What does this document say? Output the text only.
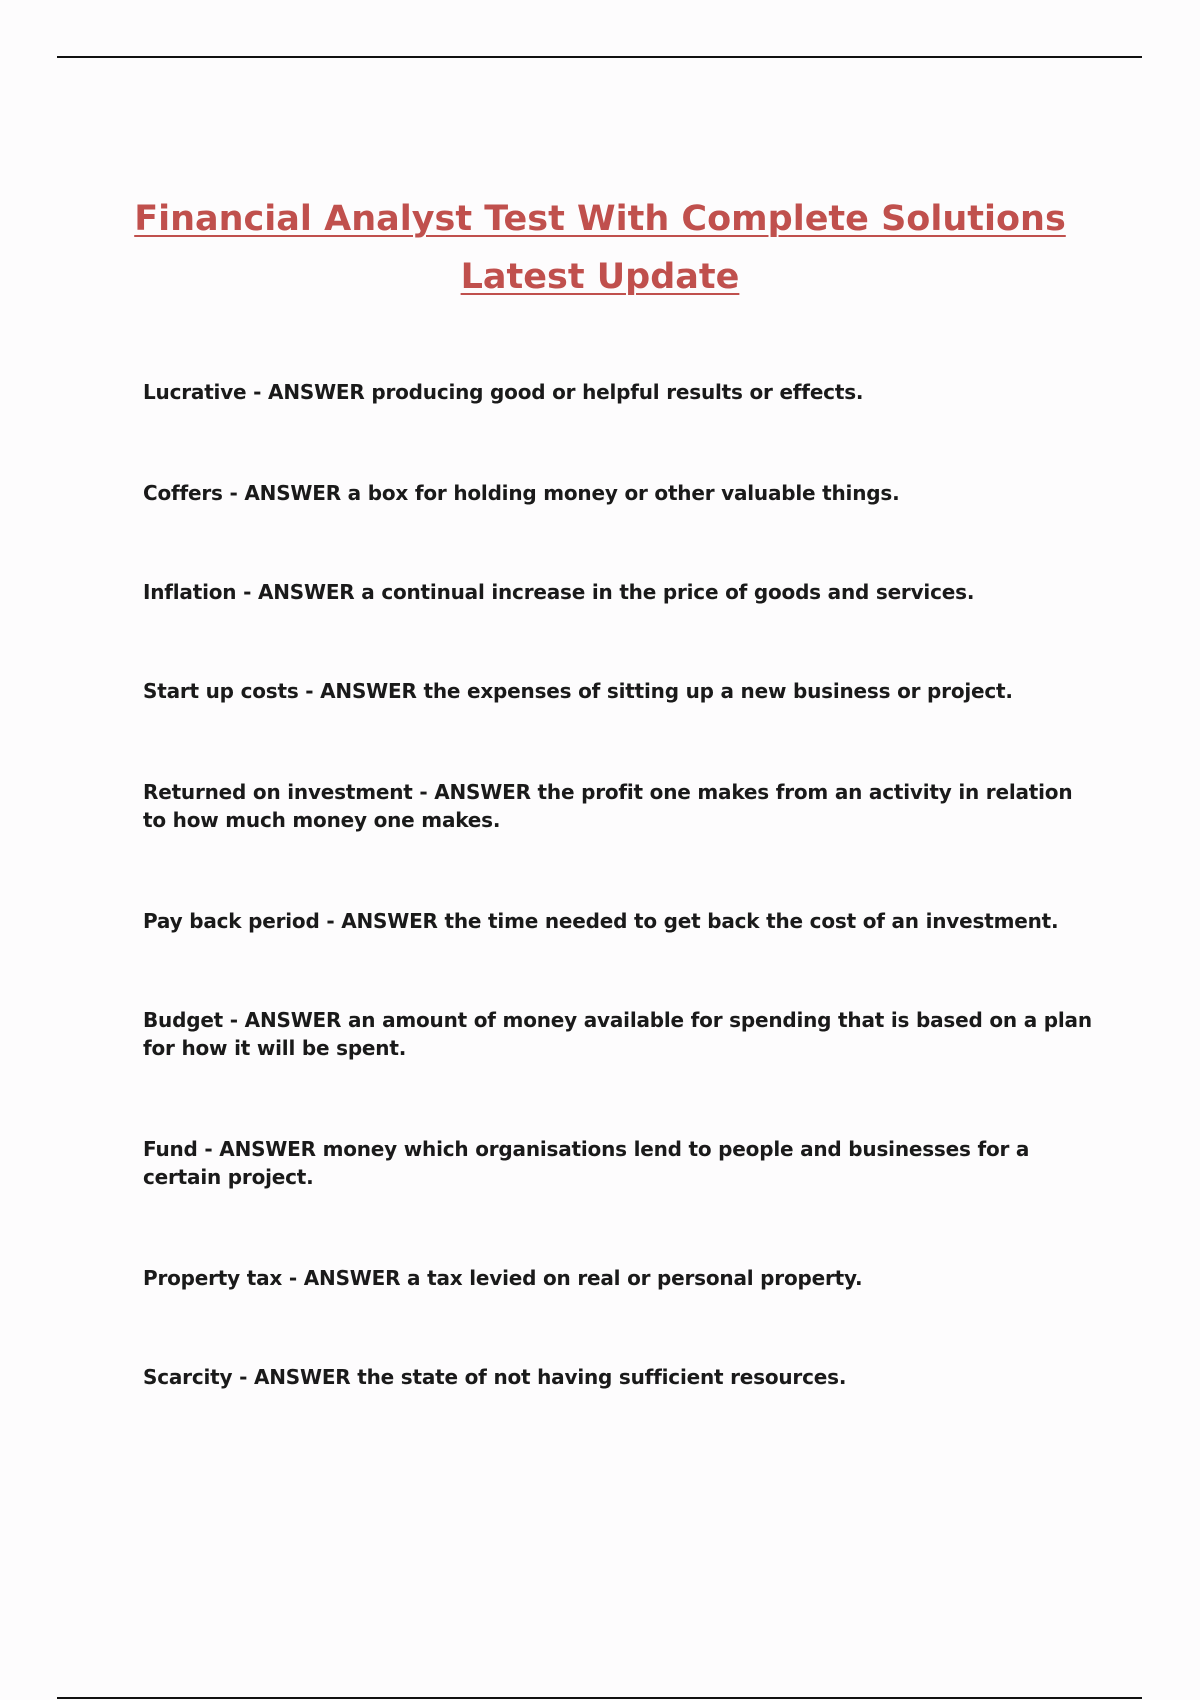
Financial Analyst Test With Complete Solutions
Latest Update
Lucrative - ANSWER producing good or helpful results or effects.
Coffers - ANSWER a box for holding money or other valuable things.
Inflation - ANSWER a continual increase in the price of goods and services.
Start up costs - ANSWER the expenses of sitting up a new business or project.
Returned on investment - ANSWER the profit one makes from an activity in relation to how much money one makes.
Pay back period - ANSWER the time needed to get back the cost of an investment.
Budget - ANSWER an amount of money available for spending that is based on a plan for how it will be spent.
Fund - ANSWER money which organisations lend to people and businesses for a certain project.
Property tax - ANSWER a tax levied on real or personal property.
Scarcity - ANSWER the state of not having sufficient resources.
